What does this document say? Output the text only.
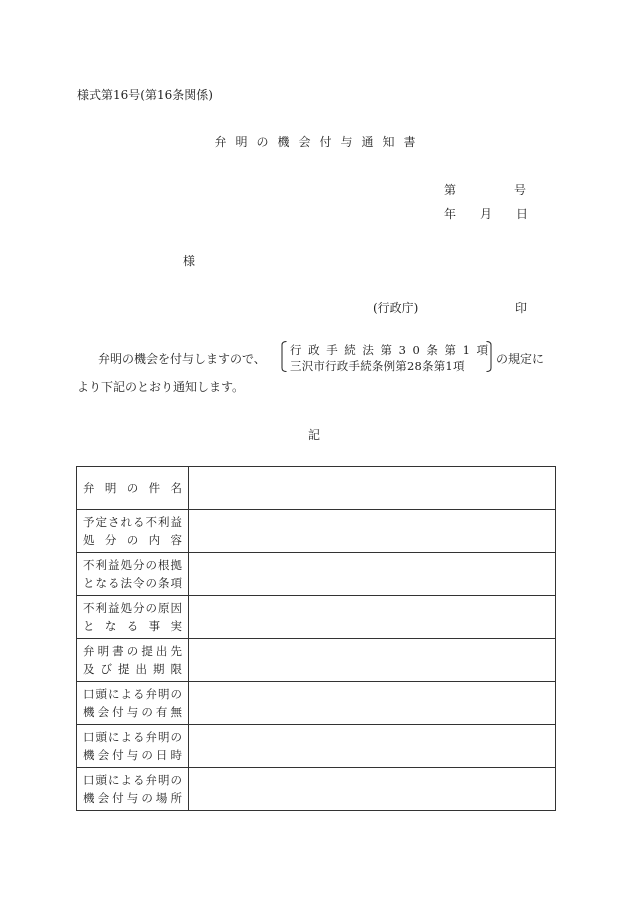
様式第16号(第16条関係)
弁明の機会付与通知書
第	号
年 月 日
様
(行政庁)	印
弁明の機会を付与しますので、
行政手続法第30条第1項
三沢市行政手続条例第28条第1項	の規定に
より下記のとおり通知します。
記
弁明の件名	

予定される不利益
処分の内容	

不利益処分の根拠
となる法令の条項	

不利益処分の原因
となる事実	

弁明書の提出先
及び提出期限	

口頭による弁明の
機会付与の有無	

口頭による弁明の
機会付与の日時	

口頭による弁明の
機会付与の場所	
